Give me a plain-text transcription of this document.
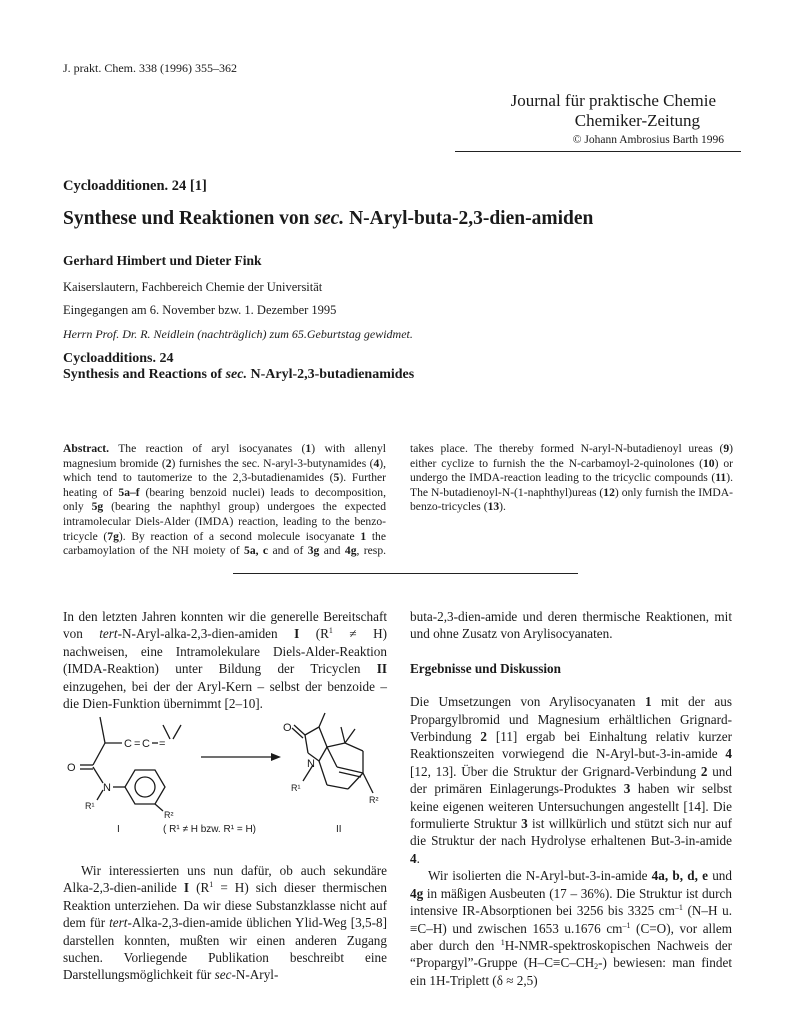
J. prakt. Chem. 338 (1996) 355–362
Journal für praktische Chemie
Chemiker-Zeitung
© Johann Ambrosius Barth 1996
Cycloadditionen. 24 [1]
Synthese und Reaktionen von sec. N-Aryl-buta-2,3-dien-amiden
Gerhard Himbert und Dieter Fink
Kaiserslautern, Fachbereich Chemie der Universität
Eingegangen am 6. November bzw. 1. Dezember 1995
Herrn Prof. Dr. R. Neidlein (nachträglich) zum 65.Geburtstag gewidmet.
Cycloadditions. 24
Synthesis and Reactions of sec. N-Aryl-2,3-butadienamides
Abstract. The reaction of aryl isocyanates (1) with allenyl magnesium bromide (2) furnishes the sec. N-aryl-3-butynamides (4), which tend to tautomerize to the 2,3-butadienamides (5). Further heating of 5a–f (bearing benzoid nuclei) leads to decomposition, only 5g (bearing the naphthyl group) undergoes the expected intramolecular Diels-Alder (IMDA) reaction, leading to the benzo-tricycle (7g). By reaction of a second molecule isocyanate 1 the carbamoylation of the NH moiety of 5a, c and of 3g and 4g, resp. takes place. The thereby formed N-aryl-N-butadienoyl ureas (9) either cyclize to furnish the the N-carbamoyl-2-quinolones (10) or undergo the IMDA-reaction leading to the tricyclic compounds (11). The N-butadienoyl-N-(1-naphthyl)ureas (12) only furnish the IMDA-benzo-tricycles (13).

In den letzten Jahren konnten wir die generelle Bereitschaft von tert-N-Aryl-alka-2,3-dien-amiden I $(R^1 \ne H)$ nachweisen, eine Intramolekulare Diels-Alder-Reaktion (IMDA-Reaktion) unter Bildung der Tricyclen II einzugehen, bei der der Aryl-Kern – selbst der benzoide – die Dien-Funktion übernimmt [2–10].

C = C =
O
N
R¹
R²
O
N
R¹
R²
I	( R¹ ≠ H bzw. R¹ = H)	II

Wir interessierten uns nun dafür, ob auch sekundäre Alka-2,3-dien-anilide I $(R^1 = H)$ sich dieser thermischen Reaktion unterziehen. Da wir diese Substanzklasse nicht auf dem für tert-Alka-2,3-dien-amide üblichen Ylid-Weg [3,5-8] darstellen konnten, mußten wir einen anderen Zugang suchen. Vorliegende Publikation beschreibt eine Darstellungsmöglichkeit für sec-N-Aryl-

buta-2,3-dien-amide und deren thermische Reaktionen, mit und ohne Zusatz von Arylisocyanaten.

Ergebnisse und Diskussion

Die Umsetzungen von Arylisocyanaten 1 mit der aus Propargylbromid und Magnesium erhältlichen Grignard-Verbindung 2 [11] ergab bei Einhaltung relativ kurzer Reaktionszeiten vorwiegend die N-Aryl-but-3-in-amide 4 [12, 13]. Über die Struktur der Grignard-Verbindung 2 und der primären Einlagerungs-Produktes 3 haben wir selbst keine eigenen weiteren Untersuchungen angestellt [14]. Die formulierte Struktur 3 ist willkürlich und stützt sich nur auf die Struktur der nach Hydrolyse erhaltenen But-3-in-amide 4.

Wir isolierten die N-Aryl-but-3-in-amide 4a, b, d, e und 4g in mäßigen Ausbeuten (17 – 36%). Die Struktur ist durch intensive IR-Absorptionen bei 3256 bis 3325 $cm^{-1}$ (N–H u. ≡C–H) und zwischen 1653 u.1676 $cm^{-1}$ (C=O), vor allem aber durch den $^1$H-NMR-spektroskopischen Nachweis der “Propargyl”-Gruppe $(H-C\equiv C-CH_2-)$ bewiesen: man findet ein 1H-Triplett (δ ≈ 2,5)
